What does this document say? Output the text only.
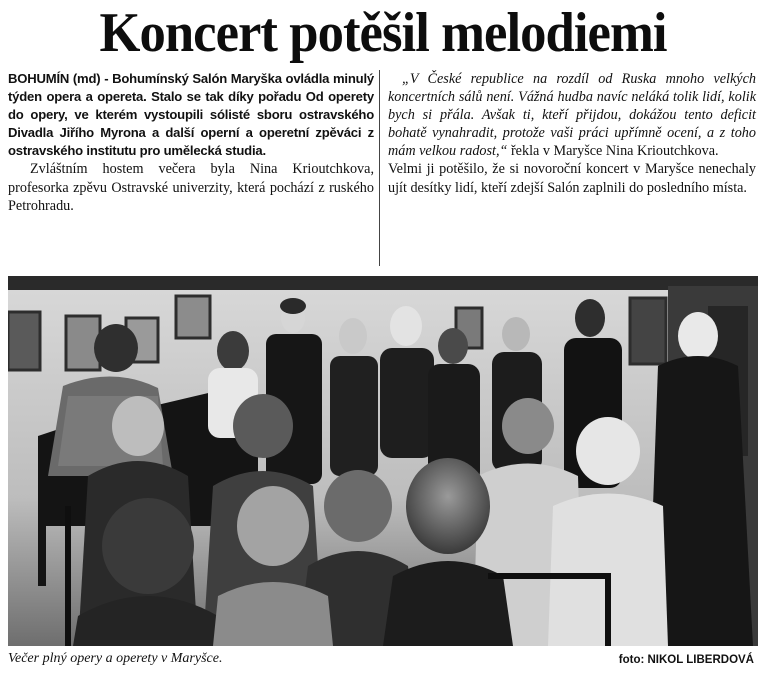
Koncert potěšil melodiemi

BOHUMÍN (md) - Bohumínský Salón Maryška ovládla minulý týden opera a opereta. Stalo se tak díky pořadu Od operety do opery, ve kterém vystoupili sólisté sboru ostravského Divadla Jiřího Myrona a další operní a operetní zpěváci z ostravského institutu pro umělecká studia.

Zvláštním hostem večera byla Nina Krioutchkova, profesorka zpěvu Ostravské univerzity, která pochází z ruského Petrohradu.

„V České republice na rozdíl od Ruska mnoho velkých koncertních sálů není. Vážná hudba navíc neláká tolik lidí, kolik bych si přála. Avšak ti, kteří přijdou, dokážou tento deficit bohatě vynahradit, protože vaši práci upřímně ocení, a z toho mám velkou radost,“ řekla v Maryšce Nina Krioutchkova.

Velmi ji potěšilo, že si novoroční koncert v Maryšce nenechaly ujít desítky lidí, kteří zdejší Salón zaplnili do posledního místa.

Večer plný opery a operety v Maryšce.	foto: NIKOL LIBERDOVÁ
